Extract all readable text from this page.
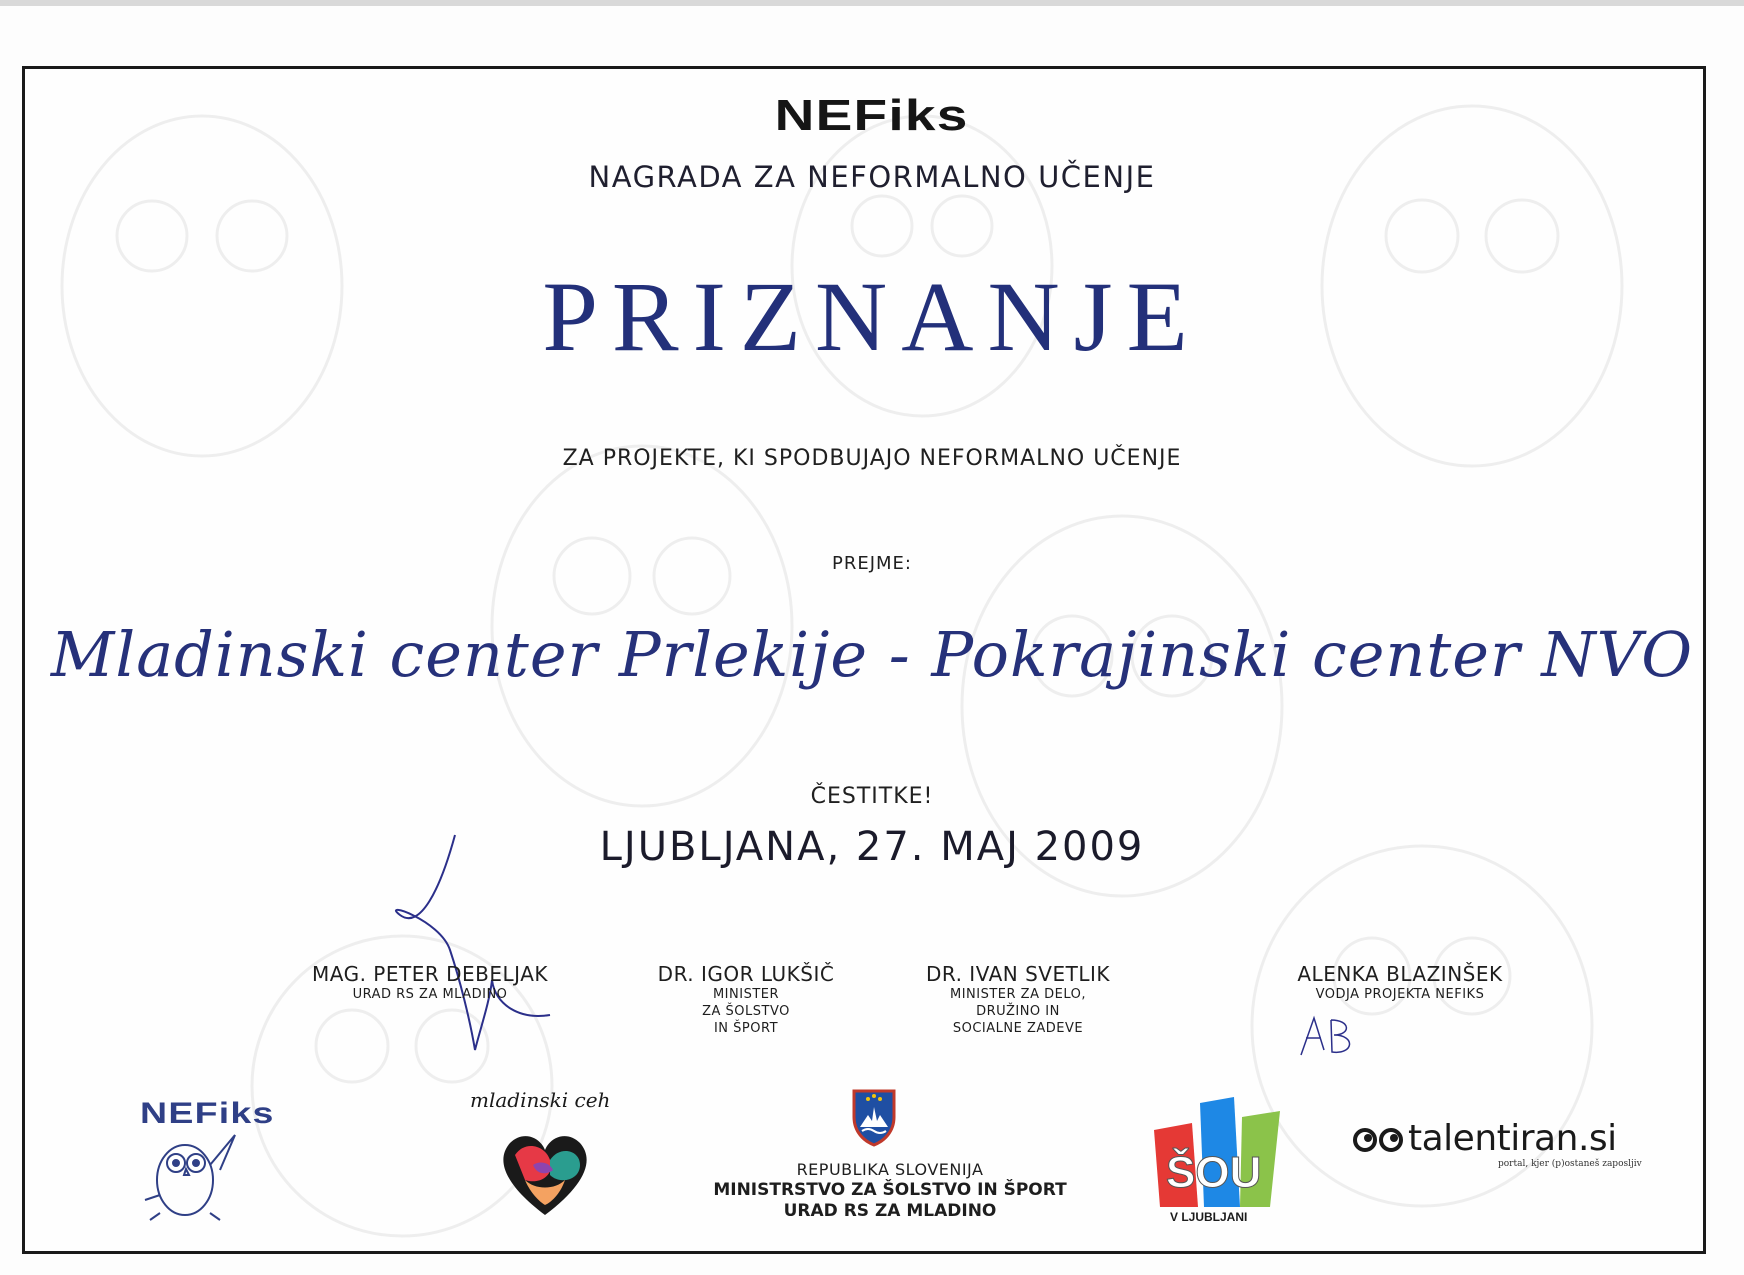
NEFiks
NAGRADA ZA NEFORMALNO UČENJE
PRIZNANJE
ZA PROJEKTE, KI SPODBUJAJO NEFORMALNO UČENJE
PREJME:
Mladinski center Prlekije - Pokrajinski center NVO
ČESTITKE!
LJUBLJANA, 27. MAJ 2009
MAG. PETER DEBELJAK
URAD RS ZA MLADINO
DR. IGOR LUKŠIČ
MINISTER
ZA ŠOLSTVO
IN ŠPORT
DR. IVAN SVETLIK
MINISTER ZA DELO,
DRUŽINO IN
SOCIALNE ZADEVE
ALENKA BLAZINŠEK
VODJA PROJEKTA NEFIKS
NEFiks	mladinski ceh
REPUBLIKA SLOVENIJA
MINISTRSTVO ZA ŠOLSTVO IN ŠPORT
URAD RS ZA MLADINO
ŠOU
V LJUBLJANI
talentiran.si
portal, kjer (p)ostaneš zaposljiv
